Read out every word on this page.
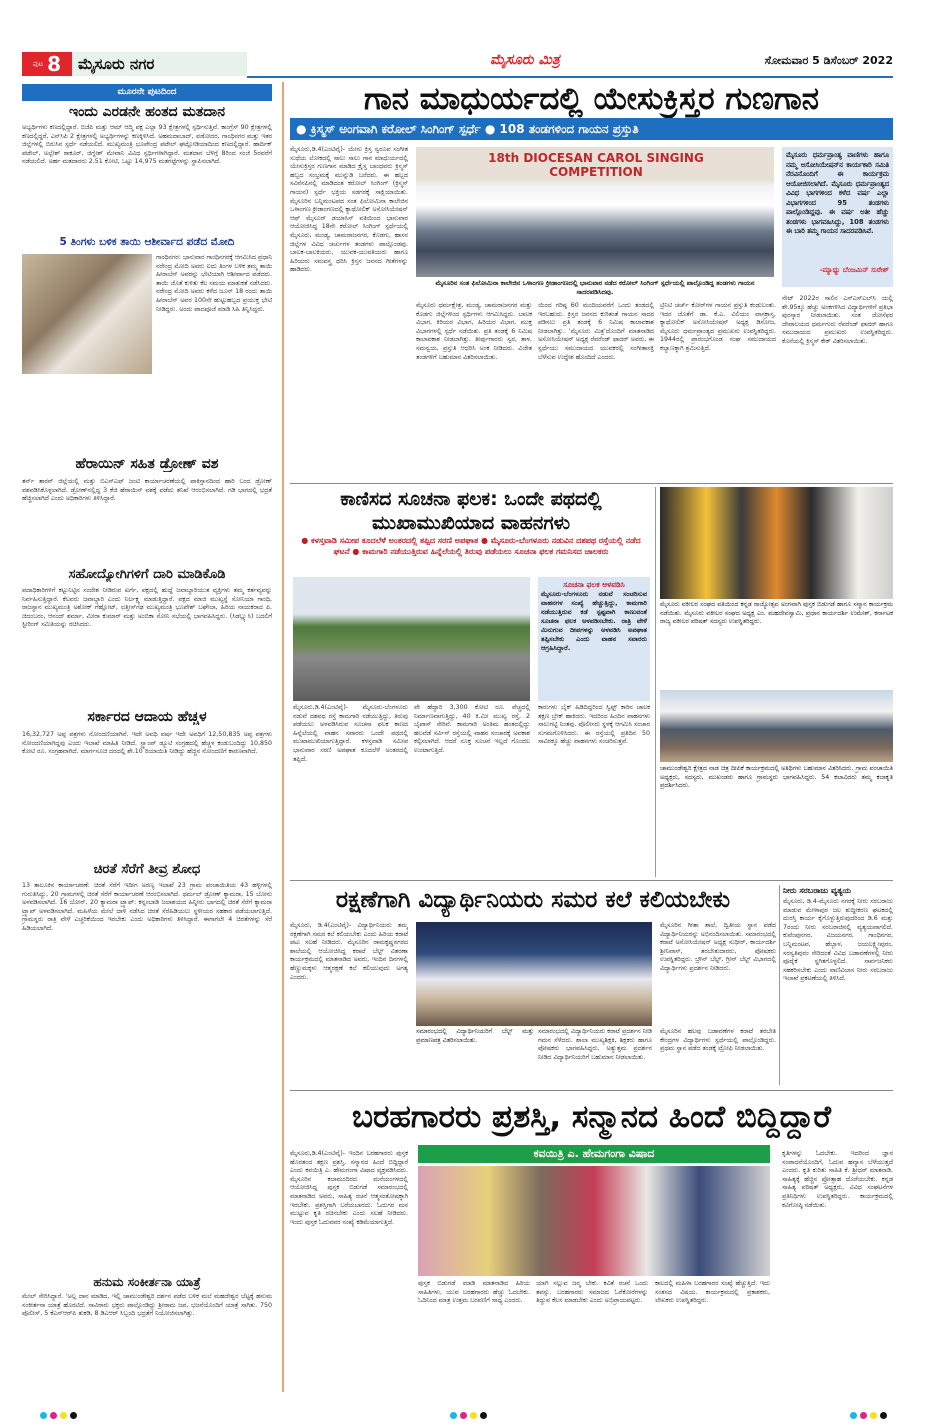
ಪುಟ 8	ಮೈಸೂರು ನಗರ	ಮೈಸೂರು ಮಿತ್ರ	ಸೋಮವಾರ 5 ಡಿಸೆಂಬರ್ 2022
ಮೂರನೇ ಪುಟದಿಂದ
ಇಂದು ಎರಡನೇ ಹಂತದ ಮತದಾನ
ಅಭ್ಯರ್ಥಿಗಳು ಕಣದಲ್ಲಿದ್ದಾರೆ. ಬಿಜೆಪಿ ಮತ್ತು ಆಮ್‌ ಆದ್ಮಿ ಪಕ್ಷ ಎಲ್ಲಾ 93 ಕ್ಷೇತ್ರಗಳಲ್ಲಿ ಸ್ಪರ್ಧಿಸುತ್ತಿವೆ. ಕಾಂಗ್ರೆಸ್ 90 ಕ್ಷೇತ್ರಗಳಲ್ಲಿ ಕಣದಲ್ಲಿದ್ದರೆ, ಎನ್‌ಸಿಪಿ 2 ಕ್ಷೇತ್ರಗಳಲ್ಲಿ ಅಭ್ಯರ್ಥಿಗಳನ್ನು ಕಣಕ್ಕಿಳಿಸಿದೆ. ಅಹಮದಾಬಾದ್, ವಡೋದರ, ಗಾಂಧಿನಗರ ಮತ್ತು ಇತರ ಜಿಲ್ಲೆಗಳಲ್ಲಿ ಬಿರುಸಿನ ಸ್ಪರ್ಧೆ ನಡೆಯಲಿದೆ. ಮುಖ್ಯಮಂತ್ರಿ ಭೂಪೇಂದ್ರ ಪಟೇಲ್ ಘಟ್ಲೋಡಿಯಾದಿಂದ ಕಣದಲ್ಲಿದ್ದಾರೆ. ಹಾರ್ದಿಕ್ ಪಟೇಲ್, ಅಲ್ಪೇಶ್ ಠಾಕೂರ್, ಜಿಗ್ನೇಶ್ ಮೇವಾನಿ ವಿವಿಧ ಸ್ಪರ್ಧಿಗಳಾಗಿದ್ದಾರೆ. ಮತದಾನ ಬೆಳಿಗ್ಗೆ 8ರಿಂದ ಸಂಜೆ 5ರವರೆಗೆ ನಡೆಯಲಿದೆ. ಅರ್ಹ ಮತದಾರರು 2.51 ಕೋಟಿ, ಒಟ್ಟು 14,975 ಮತಗಟ್ಟೆಗಳನ್ನು ಸ್ಥಾಪಿಸಲಾಗಿದೆ.
5 ತಿಂಗಳು ಬಳಿಕ ತಾಯಿ ಆಶೀರ್ವಾದ ಪಡೆದ ಮೋದಿ
ಗಾಂಧಿನಗರ: ಭಾನುವಾರ ಗಾಂಧಿನಗರಕ್ಕೆ ಆಗಮಿಸಿದ ಪ್ರಧಾನಿ ನರೇಂದ್ರ ಮೋದಿ ಅವರು ಐದು ತಿಂಗಳ ಬಳಿಕ ತಮ್ಮ ತಾಯಿ ಹೀರಾಬೆನ್ ಅವರನ್ನು ಭೇಟಿಯಾಗಿ ಆಶೀರ್ವಾದ ಪಡೆದರು. ತಾಯಿ ಜೊತೆ ಕುಳಿತು ಕೆಲ ಸಮಯ ಮಾತುಕತೆ ನಡೆಸಿದರು. ನರೇಂದ್ರ ಮೋದಿ ಅವರು ಕಳೆದ ಜೂನ್ 18 ರಂದು ತಾಯಿ ಹೀರಾಬೆನ್ ಅವರ 100ನೇ ಹುಟ್ಟುಹಬ್ಬದ ಪ್ರಯುಕ್ತ ಭೇಟಿ ನೀಡಿದ್ದರು. ಅಂದು ಪಾದಪೂಜೆ ಮಾಡಿ ಸಿಹಿ ತಿನ್ನಿಸಿದ್ದರು.
ಹೆರಾಯಿನ್ ಸಹಿತ ಡ್ರೋಣ್ ವಶ
ತರ್ನ್ ತಾರನ್ ಜಿಲ್ಲೆಯಲ್ಲಿ ಮತ್ತು ಬಿಎಸ್‌ಎಫ್ ಜಂಟಿ ಕಾರ್ಯಾಚರಣೆಯಲ್ಲಿ ಪಾಕಿಸ್ತಾನದಿಂದ ಹಾರಿ ಬಂದ ಡ್ರೋಣ್ ವಶಪಡಿಸಿಕೊಳ್ಳಲಾಗಿದೆ. ಡ್ರೋಣ್‌ನಲ್ಲಿದ್ದ 3 ಕೆಜಿ ಹೆರಾಯಿನ್ ವಶಕ್ಕೆ ಪಡೆದು ತನಿಖೆ ಆರಂಭಿಸಲಾಗಿದೆ. ಗಡಿ ಭಾಗದಲ್ಲಿ ಭದ್ರತೆ ಹೆಚ್ಚಿಸಲಾಗಿದೆ ಎಂದು ಅಧಿಕಾರಿಗಳು ತಿಳಿಸಿದ್ದಾರೆ.
ಸಹೋದ್ಯೋಗಿಗಳಿಗೆ ದಾರಿ ಮಾಡಿಕೊಡಿ
ಪದಾಧಿಕಾರಿಗಳಿಗೆ ಕಟ್ಟುನಿಟ್ಟಿನ ಸಂದೇಶ ನೀಡಿರುವ ಖರ್ಗೆ, ಪಕ್ಷದಲ್ಲಿ ಹುದ್ದೆ ಜವಾಬ್ದಾರಿಯುತ ವ್ಯಕ್ತಿಗಳು ತಮ್ಮ ಕರ್ತವ್ಯವನ್ನು ನಿರ್ವಹಿಸುತ್ತಿದ್ದಾರೆ. ಕೆಲವರು ಜವಾಬ್ದಾರಿ ಎಂದು ನಿರ್ಲಕ್ಷ್ಯ ಮಾಡುತ್ತಿದ್ದಾರೆ. ಪಕ್ಷದ ಮಾಜಿ ಮುಖ್ಯಸ್ಥೆ ಸೋನಿಯಾ ಗಾಂಧಿ, ರಾಜಸ್ಥಾನ ಮುಖ್ಯಮಂತ್ರಿ ಅಶೋಕ್ ಗೆಹ್ಲೋಟ್, ಛತ್ತೀಸ್‌ಗಢ ಮುಖ್ಯಮಂತ್ರಿ ಭೂಪೇಶ್ ಬಘೇಲಾ, ಹಿರಿಯ ನಾಯಕರಾದ ಪಿ. ಚಿದಂಬರಂ, ಆನಂದ್ ಶರ್ಮಾ, ಮೀರಾ ಕುಮಾರ್ ಮತ್ತು ಅಂಬಿಕಾ ಸೋನಿ ಸಭೆಯಲ್ಲಿ ಭಾಗವಹಿಸಿದ್ದರು. (ಸಿಡಬ್ಲ್ಯುಸಿ) ಬದಲಿಗೆ ಸ್ಟೀರಿಂಗ್ ಸಮಿತಿಯನ್ನು ರಚಿಸಿದರು.
ಸರ್ಕಾರದ ಆದಾಯ ಹೆಚ್ಚಳ
16,32,727 ಅಪ್ಪ ಪತ್ರಗಳು ನೋಂದಣಿಯಾಗಿವೆ. ಇದೇ ಅವಧಿ ವರ್ಷ ಇದೇ ಅವಧಿಗೆ 12,50,835 ಅಪ್ಪ ಪತ್ರಗಳು ನೋಂದಣಿಯಾಗಿದ್ದವು ಎಂದು ಇಲಾಖೆ ಮಾಹಿತಿ ನೀಡಿದೆ. ಸ್ಟ್ಯಾಂಪ್ ಡ್ಯೂಟಿ ಸಂಗ್ರಹದಲ್ಲಿ ಹೆಚ್ಚಳ ಕಂಡುಬಂದಿದ್ದು 10,850 ಕೋಟಿ ರೂ. ಸಂಗ್ರಹವಾಗಿದೆ. ಮಾರ್ಗಸೂಚಿ ದರದಲ್ಲಿ ಶೇ.10 ರಿಯಾಯಿತಿ ನೀಡಿದ್ದು ಹೆಚ್ಚಿನ ನೋಂದಣಿಗೆ ಕಾರಣವಾಗಿದೆ.
ಚಿರತೆ ಸೆರೆಗೆ ತೀವ್ರ ಶೋಧ
13 ತಾಲೂಕಿನ ಕಾರ್ಯಾಚರಣೆ: ಚಿರತೆ ಸೆರೆಗೆ ಇದೀಗ ಅರಣ್ಯ ಇಲಾಖೆ 23 ಗ್ರಾಮ ಪಂಚಾಯಿತಿಯ 43 ಹಳ್ಳಿಗಳಲ್ಲಿ ಗುರುತಿಸಿದ್ದು, 20 ಗ್ರಾಮಗಳಲ್ಲಿ ಚಿರತೆ ಸೆರೆಗೆ ಕಾರ್ಯಾಚರಣೆ ಆರಂಭಿಸಲಾಗಿದೆ. ಥರ್ಮಲ್ ಡ್ರೋಣ್ ಕ್ಯಾಮರಾ, 15 ಬೋನು ಅಳವಡಿಸಲಾಗಿದೆ. 16 ಬೋನ್, 20 ಕ್ಯಾಮರಾ ಟ್ರ್ಯಾಪ್: ಕನ್ನಂಬಾಡಿ ಜಲಾಶಯದ ಹಿನ್ನೀರು ಭಾಗದಲ್ಲಿ ಚಿರತೆ ಸೆರೆಗೆ ಕ್ಯಾಮರಾ ಟ್ರ್ಯಾಪ್ ಅಳವಡಿಸಲಾಗಿದೆ. ಮಹಿಳೆಯ ಮೇಲೆ ದಾಳಿ ನಡೆಸಿದ ಚಿರತೆ ಸೆರೆಹಿಡಿಯಲು ಸ್ಥಳೀಯರ ಸಹಕಾರ ಪಡೆಯಲಾಗುತ್ತಿದೆ. ಗ್ರಾಮಸ್ಥರು ರಾತ್ರಿ ವೇಳೆ ಎಚ್ಚರಿಕೆಯಿಂದ ಇರಬೇಕು ಎಂದು ಅಧಿಕಾರಿಗಳು ತಿಳಿಸಿದ್ದಾರೆ. ಈಗಾಗಲೇ 4 ಚಿರತೆಗಳನ್ನು ಸೆರೆ ಹಿಡಿಯಲಾಗಿದೆ.
ಹನುಮ ಸಂಕೀರ್ತನಾ ಯಾತ್ರೆ
ಮೇಲ್ ಸೇರಿಸಿದ್ದಾರೆ. 'ಅಲ್ಲ ದಾನ ಮಾಡಿದ, ಇಲ್ಲಿ ಚಾಮುಂಡೇಶ್ವರಿ ದರ್ಶನ ಪಡೆದ ಬಳಿಕ ಮಲೆ ಮಹದೇಶ್ವರ ಬೆಟ್ಟಕ್ಕೆ ಹನುಮ ಸಂಕೀರ್ತನಾ ಯಾತ್ರೆ ಹೊರಟಿದೆ. ಸಾವಿರಾರು ಭಕ್ತರು ಪಾಲ್ಗೊಂಡಿದ್ದು ಶ್ರೀರಾಮ ಜಪ, ಭಜನೆಯೊಂದಿಗೆ ಯಾತ್ರೆ ಸಾಗಿತು. 750 ಪೊಲೀಸ್, 5 ಕೆಎಸ್‌ಆರ್‌ಪಿ ತುಕಡಿ, 8 ಡಿಎಆರ್ ಸಿಬ್ಬಂದಿ ಭದ್ರತೆಗೆ ನಿಯೋಜಿಸಲಾಗಿತ್ತು.
ಗಾನ ಮಾಧುರ್ಯದಲ್ಲಿ ಯೇಸುಕ್ರಿಸ್ತರ ಗುಣಗಾನ
● ಕ್ರಿಸ್ಮಸ್ ಅಂಗವಾಗಿ ಕರೋಲ್ ಸಿಂಗಿಂಗ್ ಸ್ಪರ್ಧೆ ● 108 ತಂಡಗಳಿಂದ ಗಾಯನ ಪ್ರಸ್ತುತಿ
ಮೈಸೂರು,ಡಿ.4(ಎಂಟಿವೈ)- ಯೇಸು ಕ್ರಿಸ್ತ ಸ್ವರೂಪ ಸಂಗೀತ ಸುಧೆಯ ಲೋಕದಲ್ಲಿ ಸಾಲು ಸಾಲು ಗಾನ ಮಾಧುರ್ಯದಲ್ಲಿ ಯೇಸುಕ್ರಿಸ್ತರ ಗುಣಗಾನ ಮಾಡಿದ ಕ್ರೈಸ್ತ ಬಾಂಧವರು ಕ್ರಿಸ್ಮಸ್ ಹಬ್ಬದ ಸಂಭ್ರಮಕ್ಕೆ ಮುನ್ನುಡಿ ಬರೆದರು. ಈ ಹಬ್ಬದ ಸವಿನೆನಪಿನಲ್ಲಿ ಮಾಡಿದಂತ ಕರೋಲ್ ಸಿಂಗಿಂಗ್ (ಕ್ರಿಸ್ಮಸ್ ಗಾಯನ) ಸ್ಪರ್ಧೆ ಭಕ್ತಿಯ ಸಡಗರಕ್ಕೆ ಸಾಕ್ಷಿಯಾಯಿತು. ಮೈಸೂರಿನ ಬನ್ನಿಮಂಟಪದ ಸಂತ ಫಿಲೋಮಿನಾ ಕಾಲೇಜಿನ ಒಳಾಂಗಣ ಕ್ರೀಡಾಂಗಣದಲ್ಲಿ ಕ್ಯಾಥೋಲಿಕ್ ಅಸೋಸಿಯೇಷನ್ ಆಫ್ ಮೈಸೂರ್ ಡಯಾಸಿಸ್ ವತಿಯಿಂದ ಭಾನುವಾರ ಆಯೋಜಿಸಿದ್ದ 18ನೇ ಕರೋಲ್ ಸಿಂಗಿಂಗ್ ಸ್ಪರ್ಧೆಯಲ್ಲಿ ಮೈಸೂರು, ಮಂಡ್ಯ, ಚಾಮರಾಜನಗರ, ಕೊಡಗು, ಹಾಸನ ಜಿಲ್ಲೆಗಳ ವಿವಿಧ ಚರ್ಚುಗಳ ತಂಡಗಳು ಪಾಲ್ಗೊಂಡವು. ಬಾಲಕ-ಬಾಲಕಿಯರು, ಯುವಕ-ಯುವತಿಯರು ಹಾಗೂ ಹಿರಿಯರು ಸಮವಸ್ತ್ರ ಧರಿಸಿ ಕ್ರಿಸ್ತನ ಜನನದ ಗೀತೆಗಳನ್ನು ಹಾಡಿದರು.
18th DIOCESAN CAROL SINGING COMPETITION
ಮೈಸೂರಿನ ಸಂತ ಫಿಲೋಮಿನಾ ಕಾಲೇಜಿನ ಒಳಾಂಗಣ ಕ್ರೀಡಾಂಗಣದಲ್ಲಿ ಭಾನುವಾರ ನಡೆದ ಕರೋಲ್ ಸಿಂಗಿಂಗ್ ಸ್ಪರ್ಧೆಯಲ್ಲಿ ಪಾಲ್ಗೊಂಡಿದ್ದ ತಂಡಗಳು ಗಾಯನ ಸಾದರಪಡಿಸಿದವು.
ಮೈಸೂರು ಧರ್ಮಪ್ರಾಂತ್ಯ ವಾಣಿಗಳು ಹಾಗೂ ನಮ್ಮ ಅಸೋಸಿಯೇಷನ್‌ನ ಕಾರ್ಯಕಾರಿ ಸಮಿತಿ ನೆರವಿನೊಂದಿಗೆ ಈ ಕಾರ್ಯಕ್ರಮ ಆಯೋಜಿಸಲಾಗಿದೆ. ಮೈಸೂರು ಧರ್ಮಪ್ರಾಂತ್ಯದ ವಿವಿಧ ಭಾಗಗಳಿಂದ ಕಳೆದ ವರ್ಷ ಎಲ್ಲಾ ವಿಭಾಗಗಳಿಂದ 95 ತಂಡಗಳು ಪಾಲ್ಗೊಂಡಿದ್ದವು. ಈ ವರ್ಷ ಅತೀ ಹೆಚ್ಚು ತಂಡಗಳು ಭಾಗವಹಿಸಿದ್ದು, 108 ತಂಡಗಳು ಈ ಬಾರಿ ತಮ್ಮ ಗಾಯನ ಸಾದರಪಡಿಸಿವೆ.
-ಮ್ಯಾಥ್ಯು ಬೆಂಜಮಿನ್ ಸುರೇಶ್
ಮೈಸೂರು ಧರ್ಮಕ್ಷೇತ್ರ, ಮಂಡ್ಯ, ಚಾಮರಾಜನಗರ ಮತ್ತು ಕೊಡಗು ಜಿಲ್ಲೆಗಳಿಂದ ಸ್ಪರ್ಧಿಗಳು ಆಗಮಿಸಿದ್ದರು. ಬಾಲಕ ವಿಭಾಗ, ಕಿರಿಯರ ವಿಭಾಗ, ಹಿರಿಯರ ವಿಭಾಗ, ಮುಕ್ತ ವಿಭಾಗಗಳಲ್ಲಿ ಸ್ಪರ್ಧೆ ನಡೆಯಿತು. ಪ್ರತಿ ತಂಡಕ್ಕೆ 6 ನಿಮಿಷ ಕಾಲಾವಕಾಶ ನೀಡಲಾಗಿತ್ತು. ತೀರ್ಪುಗಾರರು ಸ್ವರ, ತಾಳ, ಸಮನ್ವಯ, ಪ್ರಸ್ತುತಿ ಆಧರಿಸಿ ಅಂಕ ನೀಡಿದರು. ವಿಜೇತ ತಂಡಗಳಿಗೆ ಬಹುಮಾನ ವಿತರಿಸಲಾಯಿತು.
ಯಿಂದ ಗರಿಷ್ಠ 60 ಮಂದಿಯವರೆಗೆ ಒಂದು ತಂಡದಲ್ಲಿ ಇರಬಹುದು. ಕ್ರಿಸ್ತರ ಜನನದ ಕುರಿತಂತೆ ಗಾಯನ ಸಾದರ ಪಡಿಸಲು ಪ್ರತಿ ತಂಡಕ್ಕೆ 6 ನಿಮಿಷ ಕಾಲಾವಕಾಶ ನೀಡಲಾಗಿತ್ತು. 'ಮೈಸೂರು ಮಿತ್ರ'ದೊಂದಿಗೆ ಮಾತನಾಡಿದ ಅಸೋಸಿಯೇಷನ್ ಅಧ್ಯಕ್ಷ ರೆವರೆಂಡ್ ಫಾದರ್ ಅವರು, ಈ ಸ್ಪರ್ಧೆಯು ಸಮುದಾಯದ ಯುವಕರಲ್ಲಿ ಸಂಗೀತಾಸಕ್ತಿ ಬೆಳೆಸುವ ಉದ್ದೇಶ ಹೊಂದಿದೆ ಎಂದರು.
ಟ್ರಿನಿಟಿ ಚರ್ಚ್‌ ಕೋರ್‌ಗಳ ಗಾಯನ ಪ್ರಸ್ತುತಿ ಕಂಡುಬಂತು. ಇದರ ಜೊತೆಗೆ ಡಾ. ಕೆ.ಎ. ವಿಲಿಯಂ ವಾಸಕ್ರಾಸ್ತ, ಕ್ಯಾಥೋಲಿಕ್ ಅಸೋಸಿಯೇಷನ್ ಅಧ್ಯಕ್ಷ ಡಿಸೋಜ, ಮೈಸೂರು ಧರ್ಮಪ್ರಾಂತ್ಯದ ಪ್ರಮುಖರು ಉಪಸ್ಥಿತರಿದ್ದರು. 1944ರಲ್ಲಿ ಪ್ರಾರಂಭಗೊಂಡ ಸಂಘ ಸಮುದಾಯದ ಕಲ್ಯಾಣಕ್ಕಾಗಿ ಶ್ರಮಿಸುತ್ತಿದೆ.
ನೇಟ್ 2022ರ ಸಾಲಿನ ಎಸ್‌ಎಸ್‌ಎಲ್‌ಸಿ ಯಲ್ಲಿ ಶೇ.95ಕ್ಕೂ ಹೆಚ್ಚು ಅಂಕಗಳಿಸಿದ ವಿದ್ಯಾರ್ಥಿಗಳಿಗೆ ಪ್ರತಿಭಾ ಪುರಸ್ಕಾರ ನೀಡಲಾಯಿತು. ಸಂತ ಜೋಸೆಫರ ದೇವಾಲಯದ ಧರ್ಮಗುರು ರೆವರೆಂಡ್ ಫಾದರ್ ಹಾಗೂ ಸಮುದಾಯದ ಪ್ರಮುಖರು ಉಪಸ್ಥಿತರಿದ್ದರು. ಕೊನೆಯಲ್ಲಿ ಕ್ರಿಸ್ಮಸ್ ಕೇಕ್ ವಿತರಿಸಲಾಯಿತು.
ಕಾಣಿಸದ ಸೂಚನಾ ಫಲಕ: ಒಂದೇ ಪಥದಲ್ಲಿ ಮುಖಾಮುಖಿಯಾದ ವಾಹನಗಳು
● ಕಳಸ್ತವಾಡಿ ಸಮೀಪ ಕೂದಲೆಳೆ ಅಂತರದಲ್ಲಿ ತಪ್ಪಿದ ಸರಣಿ ಅಪಘಾತ ● ಮೈಸೂರು-ಬೆಂಗಳೂರು ನಡುವಿನ ದಶಪಥ ರಸ್ತೆಯಲ್ಲಿ ನಡೆದ ಘಟನೆ ● ಕಾಮಗಾರಿ ನಡೆಯುತ್ತಿರುವ ಹಿನ್ನೆಲೆಯಲ್ಲಿ ತಿರುವು ಪಡೆಯಲು ಸೂಚನಾ ಫಲಕ ಗಮನಿಸದ ಚಾಲಕರು
ಸೂಚನಾ ಫಲಕ ಅಳವಡಿಸಿ
ಮೈಸೂರು-ಬೆಂಗಳೂರು ನಡುವೆ ಸಂಚರಿಸುವ ವಾಹನಗಳ ಸಂಖ್ಯೆ ಹೆಚ್ಚುತ್ತಿದ್ದು, ಕಾಮಗಾರಿ ನಡೆಯುತ್ತಿರುವ ಕಡೆ ಸ್ಪಷ್ಟವಾಗಿ ಕಾಣುವಂತೆ ಸೂಚನಾ ಫಲಕ ಅಳವಡಿಸಬೇಕು. ರಾತ್ರಿ ವೇಳೆ ಮಿನುಗುವ ದೀಪಗಳನ್ನು ಅಳವಡಿಸಿ ಅಪಘಾತ ತಪ್ಪಿಸಬೇಕು ಎಂದು ವಾಹನ ಸವಾರರು ಆಗ್ರಹಿಸಿದ್ದಾರೆ.
ಮೈಸೂರು,ಡಿ.4(ಎಂಟಿವೈ)- ಮೈಸೂರು-ಬೆಂಗಳೂರು ನಡುವೆ ದಶಪಥ ರಸ್ತೆ ಕಾಮಗಾರಿ ನಡೆಯುತ್ತಿದ್ದು, ತಿರುವು ಪಡೆಯಲು ಅಳವಡಿಸಿರುವ ಸೂಚನಾ ಫಲಕ ಕಾಣದ ಹಿನ್ನೆಲೆಯಲ್ಲಿ ವಾಹನ ಸವಾರರು ಒಂದೇ ಪಥದಲ್ಲಿ ಮುಖಾಮುಖಿಯಾಗುತ್ತಿದ್ದಾರೆ. ಕಳಸ್ತವಾಡಿ ಸಮೀಪ ಭಾನುವಾರ ಸರಣಿ ಅಪಘಾತ ಕೂದಲೆಳೆ ಅಂತರದಲ್ಲಿ ತಪ್ಪಿದೆ.
ವೇ ಹೆದ್ದಾರಿ 3,300 ಕೋಟಿ ರೂ. ವೆಚ್ಚದಲ್ಲಿ ನಿರ್ಮಾಣವಾಗುತ್ತಿದ್ದು, 40 ಕಿ.ಮೀ ಮುಖ್ಯ ರಸ್ತೆ, 2 ಬೈಪಾಸ್ ಸೇರಿವೆ. ಕಾಮಗಾರಿ ಅಂತಿಮ ಹಂತದಲ್ಲಿದ್ದು ಹಲವೆಡೆ ಸರ್ವಿಸ್ ರಸ್ತೆಯಲ್ಲಿ ವಾಹನ ಸಂಚಾರಕ್ಕೆ ಅವಕಾಶ ಕಲ್ಪಿಸಲಾಗಿದೆ. ಆದರೆ ಸೂಕ್ತ ಸೂಚನೆ ಇಲ್ಲದೆ ಗೊಂದಲ ಉಂಟಾಗುತ್ತಿದೆ.
ಕಾರುಗಳು ಬೈಕ್ ಹಿಡಿದಿದ್ದರಿಂದ ಸ್ವಿಫ್ಟ್ ಕಾರಿನ ಚಾಲಕ ತಕ್ಷಣ ಬ್ರೇಕ್ ಹಾಕಿದರು. ಇದರಿಂದ ಹಿಂದಿನ ವಾಹನಗಳು ಸಾಲುಗಟ್ಟಿ ನಿಂತವು. ಪೊಲೀಸರು ಸ್ಥಳಕ್ಕೆ ಆಗಮಿಸಿ ಸಂಚಾರ ಸುಗಮಗೊಳಿಸಿದರು. ಈ ರಸ್ತೆಯಲ್ಲಿ ಪ್ರತಿದಿನ 50 ಸಾವಿರಕ್ಕೂ ಹೆಚ್ಚು ವಾಹನಗಳು ಸಂಚರಿಸುತ್ತವೆ.
ಮೈಸೂರು ವಕೀಲರ ಸಂಘದ ವತಿಯಿಂದ ಕನ್ನಡ ರಾಜ್ಯೋತ್ಸವ ಅಂಗವಾಗಿ ಪುಸ್ತಕ ಬಿಡುಗಡೆ ಹಾಗೂ ಸನ್ಮಾನ ಕಾರ್ಯಕ್ರಮ ನಡೆಯಿತು. ಮೈಸೂರು ವಕೀಲರ ಸಂಘದ ಅಧ್ಯಕ್ಷ ಎಂ. ಮಹದೇವಸ್ವಾಮಿ, ಪ್ರಧಾನ ಕಾರ್ಯದರ್ಶಿ ಉಮೇಶ್, ಕರ್ನಾಟಕ ರಾಜ್ಯ ವಕೀಲರ ಪರಿಷತ್ ಸದಸ್ಯರು ಉಪಸ್ಥಿತರಿದ್ದರು.
ಚಾಮುಂಡೇಶ್ವರಿ ಕ್ಷೇತ್ರದ ನಾಡ ಚಿತ್ರ ದೀಪಿಕೆ ಕಾರ್ಯಕ್ರಮದಲ್ಲಿ ಅತಿಥಿಗಳು ಬಹುಮಾನ ವಿತರಿಸಿದರು. ಗ್ರಾಮ ಪಂಚಾಯಿತಿ ಅಧ್ಯಕ್ಷರು, ಸದಸ್ಯರು, ಮುಖಂಡರು ಹಾಗೂ ಗ್ರಾಮಸ್ಥರು ಭಾಗವಹಿಸಿದ್ದರು. 54 ಕಲಾವಿದರು ತಮ್ಮ ಕಲಾಕೃತಿ ಪ್ರದರ್ಶಿಸಿದರು.
ರಕ್ಷಣೆಗಾಗಿ ವಿದ್ಯಾರ್ಥಿನಿಯರು ಸಮರ ಕಲೆ ಕಲಿಯಬೇಕು
ಮೈಸೂರು, ಡಿ.4(ಎಂಟಿವೈ)- ವಿದ್ಯಾರ್ಥಿನಿಯರು ತಮ್ಮ ರಕ್ಷಣೆಗಾಗಿ ಸಮರ ಕಲೆ ಕಲಿಯಬೇಕು ಎಂದು ಹಿರಿಯ ಕರಾಟೆ ಪಟು ಸಲಹೆ ನೀಡಿದರು. ಮೈಸೂರಿನ ರಾಮಕೃಷ್ಣನಗರದ ಶಾಲೆಯಲ್ಲಿ ಆಯೋಜಿಸಿದ್ದ ಕರಾಟೆ ಬೆಲ್ಟ್ ವಿತರಣಾ ಕಾರ್ಯಕ್ರಮದಲ್ಲಿ ಮಾತನಾಡಿದ ಅವರು, ಇಂದಿನ ದಿನಗಳಲ್ಲಿ ಹೆಣ್ಣುಮಕ್ಕಳು ಆತ್ಮರಕ್ಷಣೆ ಕಲೆ ಕಲಿಯುವುದು ಅಗತ್ಯ ಎಂದರು.
ಸಮಾರಂಭದಲ್ಲಿ ವಿದ್ಯಾರ್ಥಿನಿಯರಿಗೆ ಬೆಲ್ಟ್ ಮತ್ತು ಪ್ರಮಾಣಪತ್ರ ವಿತರಿಸಲಾಯಿತು.
ಸಮಾರಂಭದಲ್ಲಿ ವಿದ್ಯಾರ್ಥಿನಿಯರು ಕರಾಟೆ ಪ್ರದರ್ಶನ ನೀಡಿ ಗಮನ ಸೆಳೆದರು. ಶಾಲಾ ಮುಖ್ಯಶಿಕ್ಷಕಿ, ಶಿಕ್ಷಕರು ಹಾಗೂ ಪೋಷಕರು ಭಾಗವಹಿಸಿದ್ದರು. ಅತ್ಯುತ್ತಮ ಪ್ರದರ್ಶನ ನೀಡಿದ ವಿದ್ಯಾರ್ಥಿನಿಯರಿಗೆ ಬಹುಮಾನ ನೀಡಲಾಯಿತು.
ಮೈಸೂರಿನ ಗೀತಾ ಶಾಲೆ, ದ್ವಿತೀಯ ಸ್ಥಾನ ಪಡೆದ ವಿದ್ಯಾರ್ಥಿನಿಯರನ್ನು ಅಭಿನಂದಿಸಲಾಯಿತು. ಸಮಾರಂಭದಲ್ಲಿ ಕರಾಟೆ ಅಸೋಸಿಯೇಷನ್ ಅಧ್ಯಕ್ಷ ಸುಧೀರ್, ಕಾರ್ಯದರ್ಶಿ ಶ್ರೀನಿವಾಸ್, ತರಬೇತುದಾರರು, ಪೋಷಕರು ಉಪಸ್ಥಿತರಿದ್ದರು. ಬ್ರೌನ್ ಬೆಲ್ಟ್, ಗ್ರೀನ್ ಬೆಲ್ಟ್ ವಿಭಾಗದಲ್ಲಿ ವಿದ್ಯಾರ್ಥಿಗಳು ಪ್ರದರ್ಶನ ನೀಡಿದರು.
ಮೈಸೂರಿನ ಹಲವು ಬಡಾವಣೆಗಳ ಕರಾಟೆ ತರಬೇತಿ ಕೇಂದ್ರಗಳ ವಿದ್ಯಾರ್ಥಿಗಳು ಸ್ಪರ್ಧೆಯಲ್ಲಿ ಪಾಲ್ಗೊಂಡಿದ್ದರು. ಪ್ರಥಮ ಸ್ಥಾನ ಪಡೆದ ತಂಡಕ್ಕೆ ಟ್ರೋಫಿ ನೀಡಲಾಯಿತು.
ನೀರು ಸರಬರಾಜು ವ್ಯತ್ಯಯ
ಮೈಸೂರು, ಡಿ.4-ಮೈಸೂರು ನಗರಕ್ಕೆ ನೀರು ಸರಬರಾಜು ಮಾಡುವ ಮೇಳಾಪುರ ಜಲ ಶುದ್ಧೀಕರಣ ಘಟಕದಲ್ಲಿ ದುರಸ್ತಿ ಕಾರ್ಯ ಕೈಗೊಳ್ಳುತ್ತಿರುವುದರಿಂದ ಡಿ.6 ಮತ್ತು 7ರಂದು ನೀರು ಸರಬರಾಜಿನಲ್ಲಿ ವ್ಯತ್ಯಯವಾಗಲಿದೆ. ಕುವೆಂಪುನಗರ, ವಿಜಯನಗರ, ಗಾಂಧಿನಗರ, ಬನ್ನಿಮಂಟಪ, ಹೆಬ್ಬಾಳ, ಜಯಲಕ್ಷ್ಮೀಪುರಂ, ಸರಸ್ವತಿಪುರಂ ಸೇರಿದಂತೆ ವಿವಿಧ ಬಡಾವಣೆಗಳಲ್ಲಿ ನೀರು ಪೂರೈಕೆ ಸ್ಥಗಿತಗೊಳ್ಳಲಿದೆ. ಸಾರ್ವಜನಿಕರು ಸಹಕರಿಸಬೇಕು ಎಂದು ವಾಣಿವಿಲಾಸ ನೀರು ಸರಬರಾಜು ಇಲಾಖೆ ಪ್ರಕಟಣೆಯಲ್ಲಿ ತಿಳಿಸಿದೆ.
ಬರಹಗಾರರು ಪ್ರಶಸ್ತಿ, ಸನ್ಮಾನದ ಹಿಂದೆ ಬಿದ್ದಿದ್ದಾರೆ
ಮೈಸೂರು,ಡಿ.4(ಎಂಟಿವೈ)- ಇಂದಿನ ಬರಹಗಾರರು ಪುಸ್ತಕ ಹೊರತಂದ ತಕ್ಷಣ ಪ್ರಶಸ್ತಿ, ಸನ್ಮಾನದ ಹಿಂದೆ ಬಿದ್ದಿದ್ದಾರೆ ಎಂದು ಕವಯಿತ್ರಿ ಎ. ಹೇಮಗಂಗಾ ವಿಷಾದ ವ್ಯಕ್ತಪಡಿಸಿದರು. ಮೈಸೂರಿನ ಕಲಾಮಂದಿರದ ಮನೆಯಂಗಳದಲ್ಲಿ ಆಯೋಜಿಸಿದ್ದ ಪುಸ್ತಕ ಬಿಡುಗಡೆ ಸಮಾರಂಭದಲ್ಲಿ ಮಾತನಾಡಿದ ಅವರು, ಸಾಹಿತ್ಯ ರಚನೆ ಆತ್ಮಸಂತೋಷಕ್ಕಾಗಿ ಇರಬೇಕು. ಪ್ರಶಸ್ತಿಗಾಗಿ ಬರೆಯಬಾರದು. ಓದುಗರ ಮನ ಮುಟ್ಟುವ ಕೃತಿ ರಚಿಸಬೇಕು ಎಂದು ಸಲಹೆ ನೀಡಿದರು. ಇಂದು ಪುಸ್ತಕ ಓದುವವರ ಸಂಖ್ಯೆ ಕಡಿಮೆಯಾಗುತ್ತಿದೆ.
ಕವಯಿತ್ರಿ ಎ. ಹೇಮಗಂಗಾ ವಿಷಾದ
ಪುಸ್ತಕ ಬಿಡುಗಡೆ ಮಾಡಿ ಮಾತನಾಡಿದ ಹಿರಿಯ ಸಾಹಿತಿಗಳು, ಯುವ ಬರಹಗಾರರು ಹೆಚ್ಚು ಓದಬೇಕು. ಓದಿನಿಂದ ಮಾತ್ರ ಉತ್ತಮ ಬರವಣಿಗೆ ಸಾಧ್ಯ ಎಂದರು.
ಯಾಗಿ ಸಲ್ಲುವ ಜನ್ಮ ಬೇಕು. ಕವಿತೆ ರಚನೆ ಒಂದು ತಪಸ್ಸು. ಬರಹಗಾರರು ಸಮಾಜದ ಓರೆಕೋರೆಗಳನ್ನು ತಿದ್ದುವ ಕೆಲಸ ಮಾಡಬೇಕು ಎಂದು ಅಭಿಪ್ರಾಯಪಟ್ಟರು.
ಕಾಲದಲ್ಲಿ ಮಹಿಳಾ ಬರಹಗಾರರ ಸಂಖ್ಯೆ ಹೆಚ್ಚುತ್ತಿದೆ. ಇದು ಸಂತಸದ ವಿಷಯ. ಕಾರ್ಯಕ್ರಮದಲ್ಲಿ ಪ್ರಕಾಶಕರು, ಲೇಖಕರು ಉಪಸ್ಥಿತರಿದ್ದರು.
ಕೃತಿಗಳನ್ನು ಓದಬೇಕು. ಇದರಿಂದ ಜ್ಞಾನ ಸಂಪಾದನೆಯೊಂದಿಗೆ, ಓದುವ ಹವ್ಯಾಸ ಬೆಳೆಯುತ್ತದೆ ಎಂದರು. ಕೃತಿ ಕುರಿತು ಸಾಹಿತಿ ಕೆ. ಶ್ರೀಧರ್ ಮಾತನಾಡಿ, ಸಾಹಿತ್ಯಕ್ಕೆ ಹೆಚ್ಚಿನ ಪ್ರೋತ್ಸಾಹ ದೊರೆಯಬೇಕು. ಕನ್ನಡ ಸಾಹಿತ್ಯ ಪರಿಷತ್ ಅಧ್ಯಕ್ಷರು, ವಿವಿಧ ಸಂಘಟನೆಗಳ ಪ್ರತಿನಿಧಿಗಳು ಉಪಸ್ಥಿತರಿದ್ದರು. ಕಾರ್ಯಕ್ರಮದಲ್ಲಿ ಕವಿಗೋಷ್ಠಿ ನಡೆಯಿತು.
